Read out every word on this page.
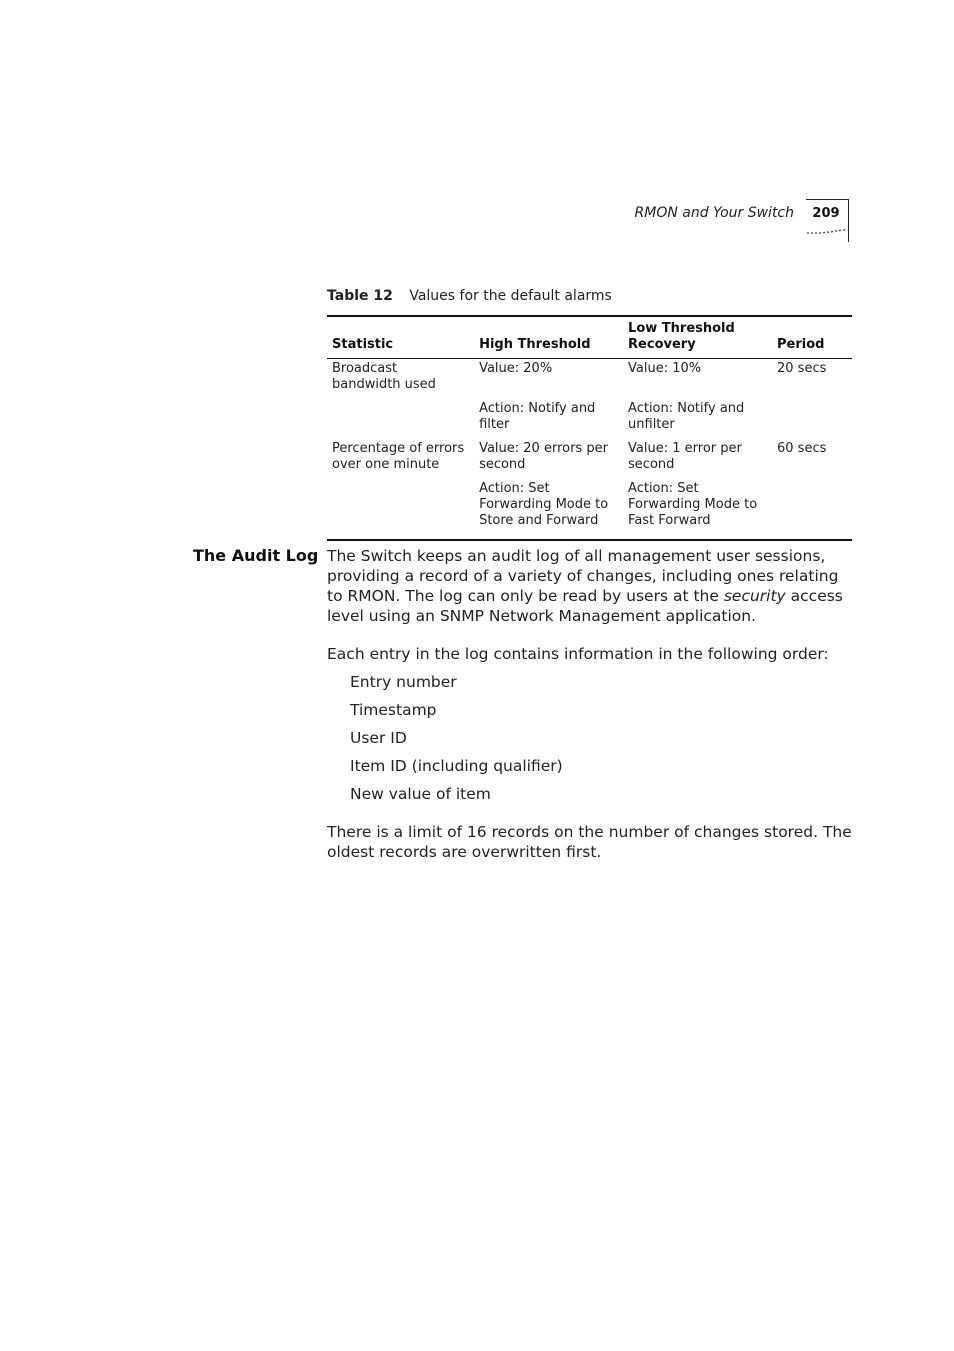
RMON and Your Switch	209
Table 12 Values for the default alarms
Statistic	High Threshold	Low Threshold Recovery	Period
Broadcast bandwidth used	Value: 20%	Value: 10%	20 secs
	Action: Notify and filter	Action: Notify and unfilter	
Percentage of errors over one minute	Value: 20 errors per second	Value: 1 error per second	60 secs
	Action: Set Forwarding Mode to Store and Forward	Action: Set Forwarding Mode to Fast Forward	
The Audit Log The Switch keeps an audit log of all management user sessions, providing a record of a variety of changes, including ones relating to RMON. The log can only be read by users at the security access level using an SNMP Network Management application.

Each entry in the log contains information in the following order:

Entry number
Timestamp
User ID
Item ID (including qualifier)
New value of item

There is a limit of 16 records on the number of changes stored. The oldest records are overwritten first.
